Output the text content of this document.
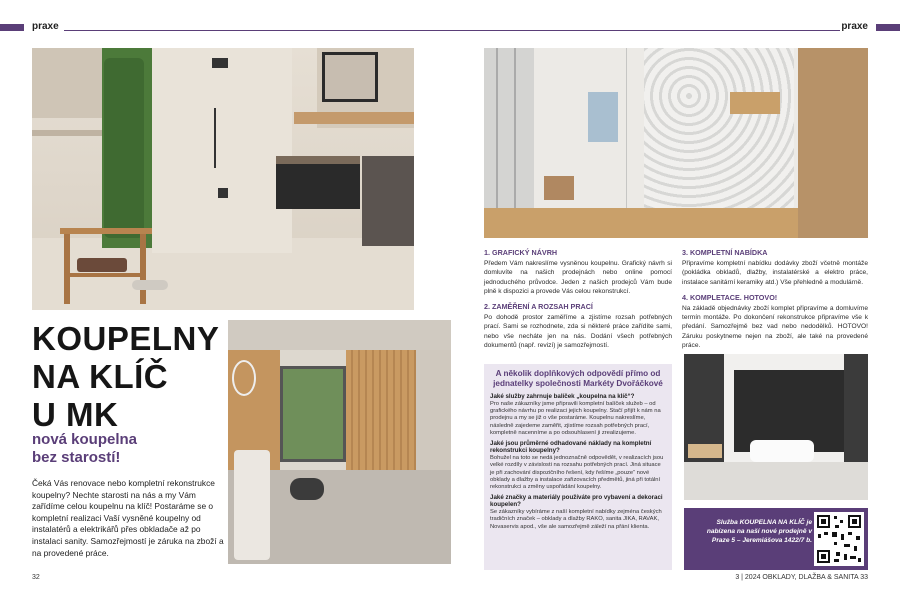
praxe	praxe
KOUPELNY
NA KLÍČ
U MK
nová koupelna
bez starostí!
Čeká Vás renovace nebo kompletní rekonstrukce koupelny? Nechte starosti na nás a my Vám zařídíme celou koupelnu na klíč! Postaráme se o kompletní realizaci Vaší vysněné koupelny od instalatérů a elektrikářů přes obkladače až po instalaci sanity. Samozřejmostí je záruka na zboží a na provedené práce.
1. GRAFICKÝ NÁVRH
Předem Vám nakreslíme vysněnou koupelnu. Grafický návrh si domluvíte na našich prodejnách nebo online pomocí jednoduchého průvodce. Jeden z našich prodejců Vám bude plně k dispozici a provede Vás celou rekonstrukcí.
2. ZAMĚŘENÍ A ROZSAH PRACÍ
Po dohodě prostor zaměříme a zjistíme rozsah potřebných prací. Sami se rozhodnete, zda si některé práce zařídíte sami, nebo vše necháte jen na nás. Dodání všech potřebných dokumentů (např. revizí) je samozřejmostí.
3. KOMPLETNÍ NABÍDKA
Připravíme kompletní nabídku dodávky zboží včetně montáže (pokládka obkladů, dlažby, instalatérské a elektro práce, instalace sanitární keramiky atd.) Vše přehledně a modulárně.
4. KOMPLETACE. HOTOVO!
Na základě objednávky zboží komplet připravíme a domluvíme termín montáže. Po dokončení rekonstrukce připravíme vše k předání. Samozřejmě bez vad nebo nedodělků. HOTOVO! Záruku poskytneme nejen na zboží, ale také na provedené práce.
A několik doplňkových odpovědí přímo od jednatelky společnosti Markéty Dvořáčkové
Jaké služby zahrnuje balíček „koupelna na klíč“?
Pro naše zákazníky jsme připravili kompletní balíček služeb – od grafického návrhu po realizaci jejich koupelny. Stačí přijít k nám na prodejnu a my se již o vše postaráme. Koupelnu nakreslíme, následně zajedeme zaměřit, zjistíme rozsah potřebných prací, kompletně nacenníme a po odsouhlasení ji zrealizujeme.
Jaké jsou průměrné odhadované náklady na kompletní rekonstrukci koupelny?
Bohužel na toto se nedá jednoznačně odpovědět, v realizacích jsou velké rozdíly v závislosti na rozsahu potřebných prací. Jiná situace je při zachování dispozičního řešení, kdy řešíme „pouze“ nové obklady a dlažby a instalace zařizovacích předmětů, jiná při totální rekonstrukci a změny uspořádání koupelny.
Jaké značky a materiály používáte pro vybavení a dekoraci koupelen?
Se zákazníky vybíráme z naší kompletní nabídky zejména českých tradičních značek – obklady a dlažby RAKO, sanita JIKA, RAVAK, Novaservis apod., vše ale samozřejmě záleží na přání klienta.
Služba KOUPELNA NA KLÍČ je nabízena na naší nové prodejně v Praze 5 – Jeremiášova 1422/7 b.
32	3 | 2024 OBKLADY, DLAŽBA & SANITA 33
